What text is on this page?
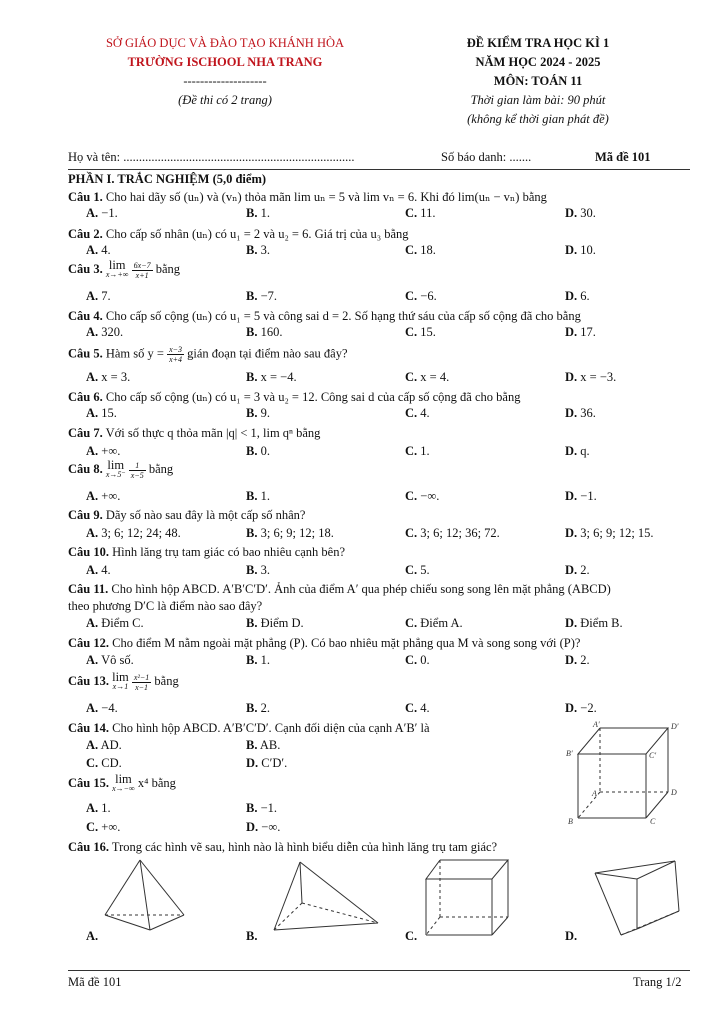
SỞ GIÁO DỤC VÀ ĐÀO TẠO KHÁNH HÒA
TRƯỜNG ISCHOOL NHA TRANG
--------------------
(Đề thi có 2 trang)
ĐỀ KIỂM TRA HỌC KÌ 1
NĂM HỌC 2024 - 2025
MÔN: TOÁN 11
Thời gian làm bài: 90 phút
(không kể thời gian phát đề)
Họ và tên: ..........................................................................	Số báo danh: .......	Mã đề 101
PHẦN I. TRẮC NGHIỆM (5,0 điểm)
Câu 1. Cho hai dãy số (uₙ) và (vₙ) thỏa mãn lim uₙ = 5 và lim vₙ = 6. Khi đó lim(uₙ − vₙ) bằng
A. −1.	B. 1.	C. 11.	D. 30.
Câu 2. Cho cấp số nhân (uₙ) có u₁ = 2 và u₂ = 6. Giá trị của u₃ bằng
A. 4.	B. 3.	C. 18.	D. 10.
Câu 3. lim
x→+∞
$\frac{6x-7}{x+1}$ bằng
A. 7.	B. −7.	C. −6.	D. 6.
Câu 4. Cho cấp số cộng (uₙ) có u₁ = 5 và công sai d = 2. Số hạng thứ sáu của cấp số cộng đã cho bằng
A. 320.	B. 160.	C. 15.	D. 17.
Câu 5. Hàm số $y = \frac{x-3}{x+4}$ gián đoạn tại điểm nào sau đây?
A. x = 3.	B. x = −4.	C. x = 4.	D. x = −3.
Câu 6. Cho cấp số cộng (uₙ) có u₁ = 3 và u₂ = 12. Công sai d của cấp số cộng đã cho bằng
A. 15.	B. 9.	C. 4.	D. 36.
Câu 7. Với số thực q thỏa mãn |q| < 1, lim qⁿ bằng
A. +∞.	B. 0.	C. 1.	D. q.
Câu 8. lim
x→5⁻
$\frac{1}{x-5}$ bằng
A. +∞.	B. 1.	C. −∞.	D. −1.
Câu 9. Dãy số nào sau đây là một cấp số nhân?
A. 3; 6; 12; 24; 48.	B. 3; 6; 9; 12; 18.	C. 3; 6; 12; 36; 72.	D. 3; 6; 9; 12; 15.
Câu 10. Hình lăng trụ tam giác có bao nhiêu cạnh bên?
A. 4.	B. 3.	C. 5.	D. 2.
Câu 11. Cho hình hộp ABCD. A′B′C′D′. Ảnh của điểm A′ qua phép chiếu song song lên mặt phẳng (ABCD)
theo phương D′C là điểm nào sao đây?
A. Điểm C.	B. Điểm D.	C. Điểm A.	D. Điểm B.
Câu 12. Cho điểm M nằm ngoài mặt phẳng (P). Có bao nhiêu mặt phẳng qua M và song song với (P)?
A. Vô số.	B. 1.	C. 0.	D. 2.
Câu 13. lim
x→1
$\frac{\text{x²−1}}{x-1}$ bằng
A. −4.	B. 2.	C. 4.	D. −2.
Câu 14. Cho hình hộp ABCD. A′B′C′D′. Cạnh đối diện của cạnh A′B′ là
A. AD.	B. AB.
C. CD.	D. C′D′.
Câu 15. lim
x→−∞ x⁴ bằng
A. 1.	B. −1.
C. +∞.	D. −∞.
A′	D′
B′	C′
A	D
B	C
Câu 16. Trong các hình vẽ sau, hình nào là hình biểu diễn của hình lăng trụ tam giác?
A.	B.	C.	D.
Mã đề 101	Trang 1/2
